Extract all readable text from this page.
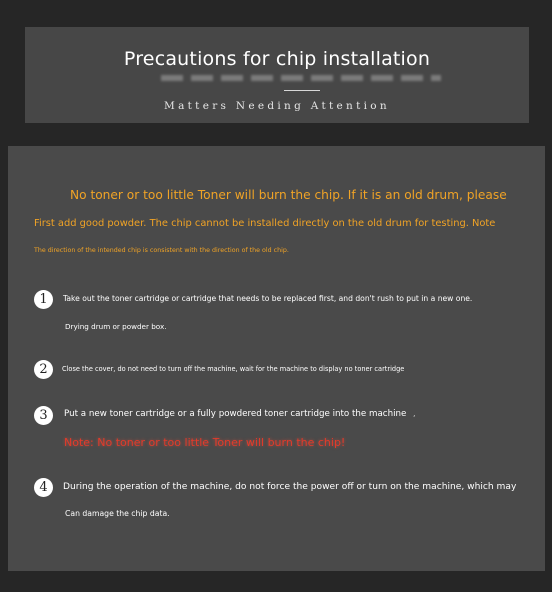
Precautions for chip installation
Matters Needing Attention
No toner or too little Toner will burn the chip. If it is an old drum, please
First add good powder. The chip cannot be installed directly on the old drum for testing. Note
The direction of the intended chip is consistent with the direction of the old chip.
1	Take out the toner cartridge or cartridge that needs to be replaced first, and don't rush to put in a new one.
Drying drum or powder box.
2	Close the cover, do not need to turn off the machine, wait for the machine to display no toner cartridge
3	Put a new toner cartridge or a fully powdered toner cartridge into the machine ,
Note: No toner or too little Toner will burn the chip!
4	During the operation of the machine, do not force the power off or turn on the machine, which may
Can damage the chip data.
